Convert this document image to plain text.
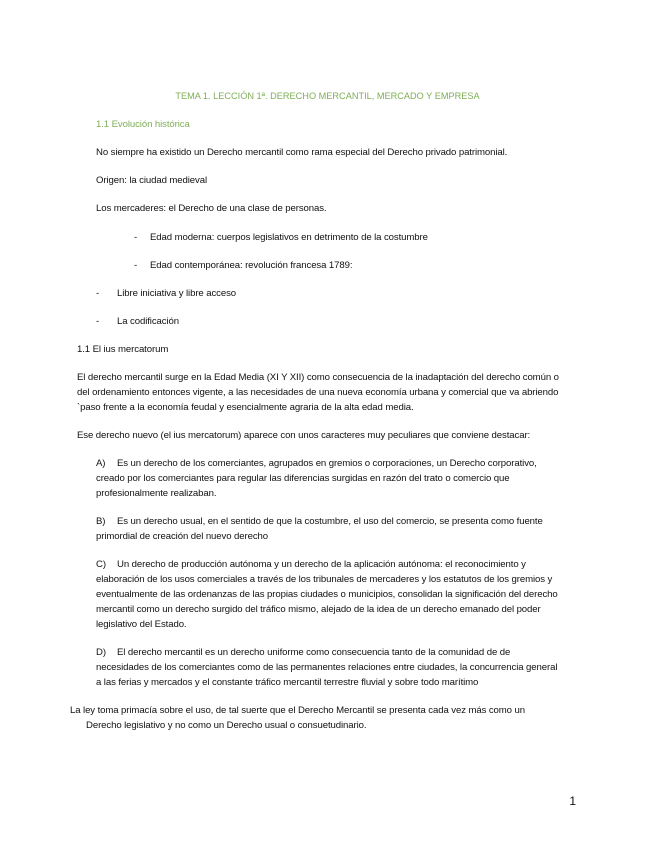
TEMA 1. LECCIÓN 1ª. DERECHO MERCANTIL, MERCADO Y EMPRESA
1.1 Evolución histórica
No siempre ha existido un Derecho mercantil como rama especial del Derecho privado patrimonial.
Origen: la ciudad medieval
Los mercaderes: el Derecho de una clase de personas.
- Edad moderna: cuerpos legislativos en detrimento de la costumbre
- Edad contemporánea: revolución francesa 1789:
- Libre iniciativa y libre acceso
- La codificación
1.1 El ius mercatorum
El derecho mercantil surge en la Edad Media (XI Y XII) como consecuencia de la inadaptación del derecho común o
del ordenamiento entonces vigente, a las necesidades de una nueva economía urbana y comercial que va abriendo
`paso frente a la economía feudal y esencialmente agraria de la alta edad media.
Ese derecho nuevo (el ius mercatorum) aparece con unos caracteres muy peculiares que conviene destacar:
A) Es un derecho de los comerciantes, agrupados en gremios o corporaciones, un Derecho corporativo,
creado por los comerciantes para regular las diferencias surgidas en razón del trato o comercio que
profesionalmente realizaban.
B) Es un derecho usual, en el sentido de que la costumbre, el uso del comercio, se presenta como fuente
primordial de creación del nuevo derecho
C) Un derecho de producción autónoma y un derecho de la aplicación autónoma: el reconocimiento y
elaboración de los usos comerciales a través de los tribunales de mercaderes y los estatutos de los gremios y
eventualmente de las ordenanzas de las propias ciudades o municipios, consolidan la significación del derecho
mercantil como un derecho surgido del tráfico mismo, alejado de la idea de un derecho emanado del poder
legislativo del Estado.
D) El derecho mercantil es un derecho uniforme como consecuencia tanto de la comunidad de de
necesidades de los comerciantes como de las permanentes relaciones entre ciudades, la concurrencia general
a las ferias y mercados y el constante tráfico mercantil terrestre fluvial y sobre todo marítimo
La ley toma primacía sobre el uso, de tal suerte que el Derecho Mercantil se presenta cada vez más como un
Derecho legislativo y no como un Derecho usual o consuetudinario.
1
